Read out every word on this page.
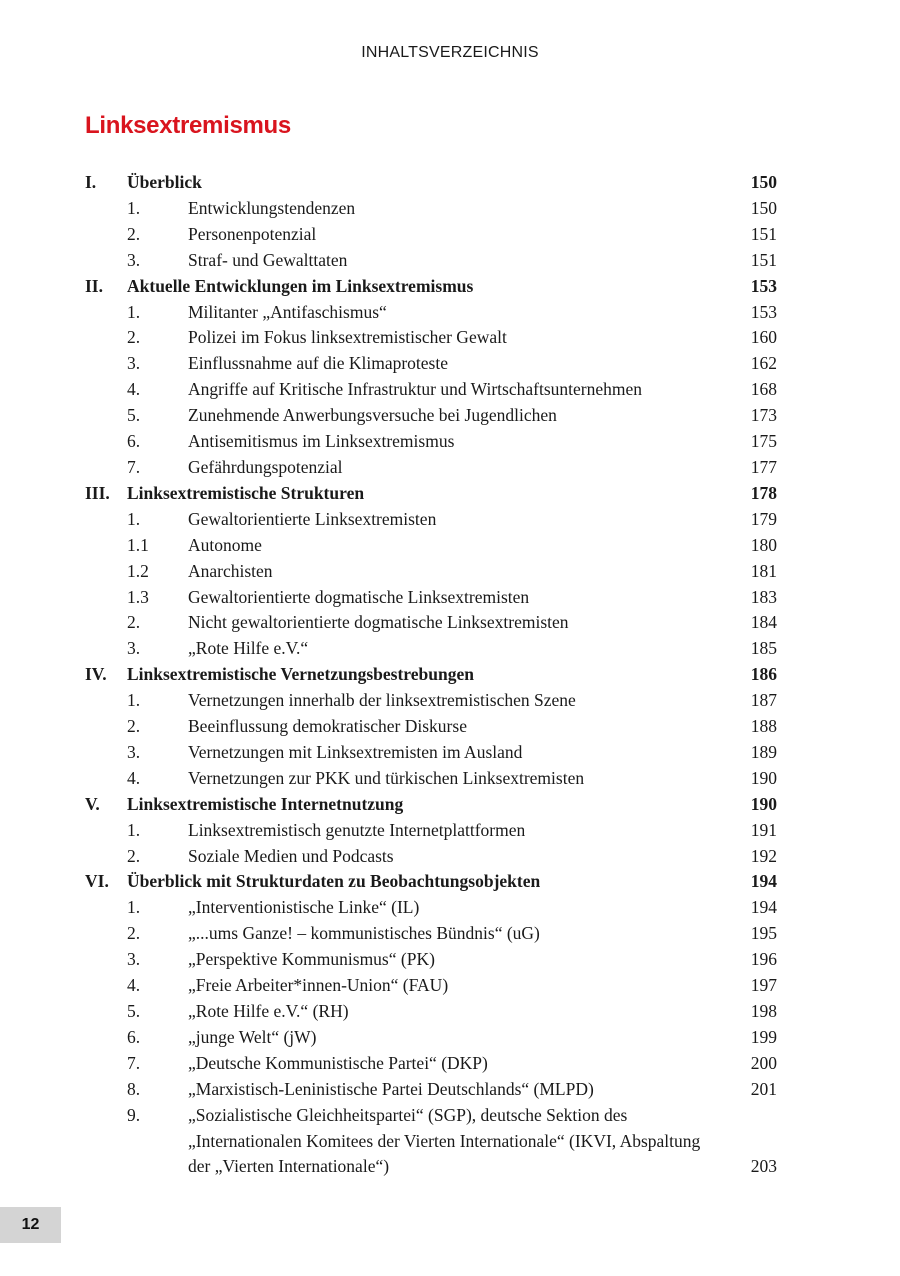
INHALTSVERZEICHNIS
Linksextremismus
I.	Überblick	150
1.	Entwicklungstendenzen	150
2.	Personenpotenzial	151
3.	Straf- und Gewalttaten	151
II.	Aktuelle Entwicklungen im Linksextremismus	153
1.	Militanter „Antifaschismus“	153
2.	Polizei im Fokus linksextremistischer Gewalt	160
3.	Einflussnahme auf die Klimaproteste	162
4.	Angriffe auf Kritische Infrastruktur und Wirtschaftsunternehmen	168
5.	Zunehmende Anwerbungsversuche bei Jugendlichen	173
6.	Antisemitismus im Linksextremismus	175
7.	Gefährdungspotenzial	177
III. Linksextremistische Strukturen	178
1.	Gewaltorientierte Linksextremisten	179
1.1	Autonome	180
1.2	Anarchisten	181
1.3	Gewaltorientierte dogmatische Linksextremisten	183
2.	Nicht gewaltorientierte dogmatische Linksextremisten	184
3.	„Rote Hilfe e.V.“	185
IV.	Linksextremistische Vernetzungsbestrebungen	186
1.	Vernetzungen innerhalb der linksextremistischen Szene	187
2.	Beeinflussung demokratischer Diskurse	188
3.	Vernetzungen mit Linksextremisten im Ausland	189
4.	Vernetzungen zur PKK und türkischen Linksextremisten	190
V.	Linksextremistische Internetnutzung	190
1.	Linksextremistisch genutzte Internetplattformen	191
2.	Soziale Medien und Podcasts	192
VI.	Überblick mit Strukturdaten zu Beobachtungsobjekten	194
1.	„Interventionistische Linke“ (IL)	194
2.	„...ums Ganze! – kommunistisches Bündnis“ (uG)	195
3.	„Perspektive Kommunismus“ (PK)	196
4.	„Freie Arbeiter*innen-Union“ (FAU)	197
5.	„Rote Hilfe e.V.“ (RH)	198
6.	„junge Welt“ (jW)	199
7.	„Deutsche Kommunistische Partei“ (DKP)	200
8.	„Marxistisch-Leninistische Partei Deutschlands“ (MLPD)	201
9.	„Sozialistische Gleichheitspartei“ (SGP), deutsche Sektion des
„Internationalen Komitees der Vierten Internationale“ (IKVI, Abspaltung
der „Vierten Internationale“)	203
12
